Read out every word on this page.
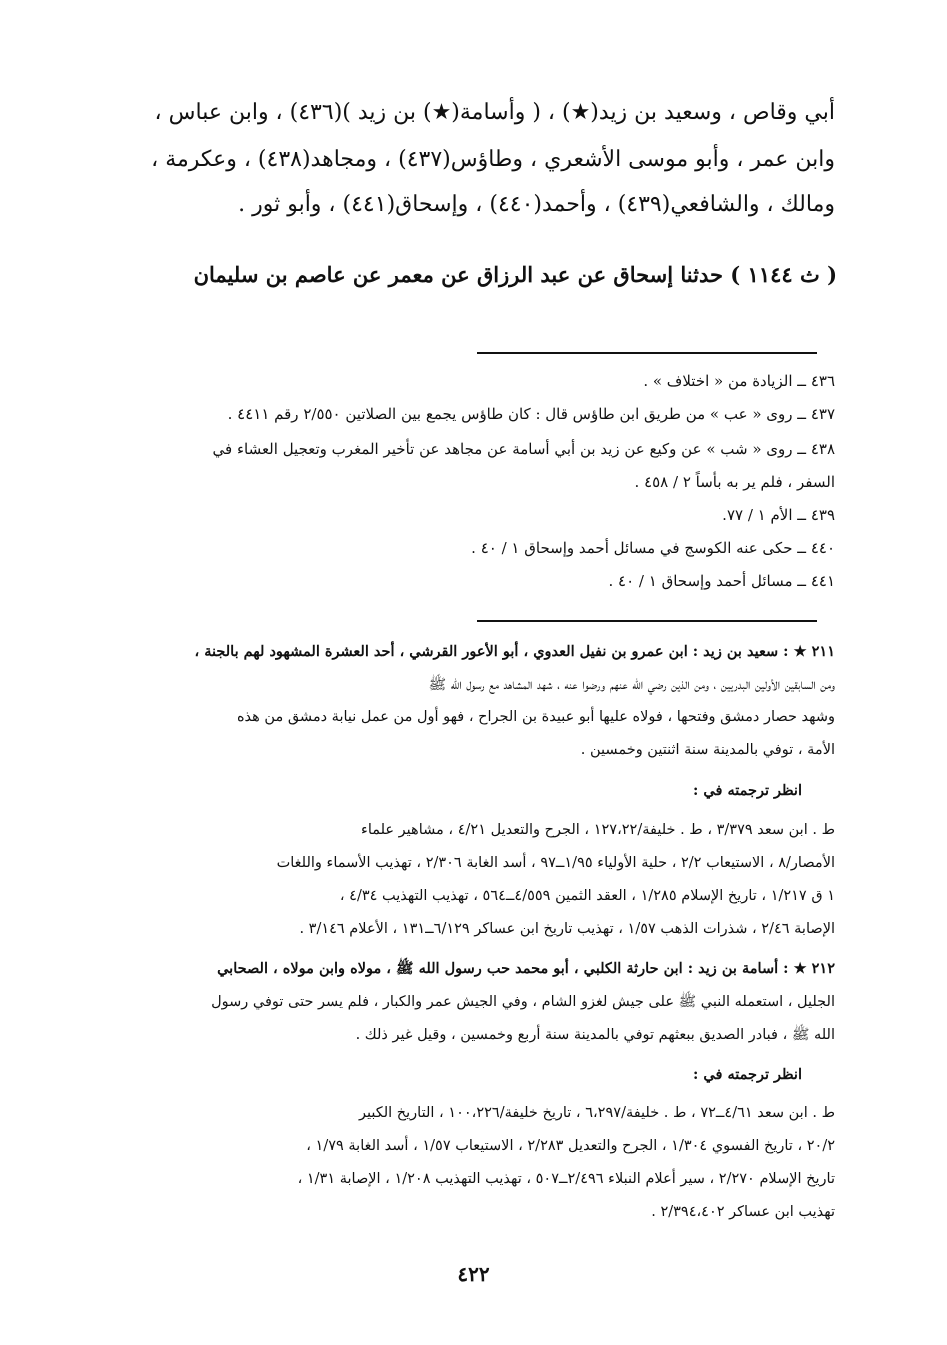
أبي وقاص ، وسعيد بن زيد(★) ، ( وأسامة(★) بن زيد )(٤٣٦) ، وابن عباس ،
وابن عمر ، وأبو موسى الأشعري ، وطاؤس(٤٣٧) ، ومجاهد(٤٣٨) ، وعكرمة ،
ومالك ، والشافعي(٤٣٩) ، وأحمد(٤٤٠) ، وإسحاق(٤٤١) ، وأبو ثور .
( ث ١١٤٤ ) حدثنا إسحاق عن عبد الرزاق عن معمر عن عاصم بن سليمان
٤٣٦ ــ الزيادة من « اختلاف » .
٤٣٧ ــ روى « عب » من طريق ابن طاؤس قال : كان طاؤس يجمع بين الصلاتين ٢/٥٥٠ رقم ٤٤١١ .
٤٣٨ ــ روى « شب » عن وكيع عن زيد بن أبي أسامة عن مجاهد عن تأخير المغرب وتعجيل العشاء في
السفر ، فلم ير به بأساً ٢ / ٤٥٨ .
٤٣٩ ــ الأم ١ / ٧٧.
٤٤٠ ــ حكى عنه الكوسج في مسائل أحمد وإسحاق ١ / ٤٠ .
٤٤١ ــ مسائل أحمد وإسحاق ١ / ٤٠ .
٢١١ ★ : سعيد بن زيد : ابن عمرو بن نفيل العدوي ، أبو الأعور القرشي ، أحد العشرة المشهود لهم بالجنة ،
ومن السابقين الأولين البدريين ، ومن الذين رضي الله عنهم ورضوا عنه ، شهد المشاهد مع رسول الله ﷺ
وشهد حصار دمشق وفتحها ، فولاه عليها أبو عبيدة بن الجراح ، فهو أول من عمل نيابة دمشق من هذه
الأمة ، توفي بالمدينة سنة اثنتين وخمسين .
انظر ترجمته في :
ط . ابن سعد ٣/٣٧٩ ، ط . خليفة/١٢٧،٢٢ ، الجرح والتعديل ٤/٢١ ، مشاهير علماء
الأمصار/٨ ، الاستيعاب ٢/٢ ، حلية الأولياء ١/٩٥ــ٩٧ ، أسد الغابة ٢/٣٠٦ ، تهذيب الأسماء واللغات
١ ق ١/٢١٧ ، تاريخ الإسلام ١/٢٨٥ ، العقد الثمين ٤/٥٥٩ــ٥٦٤ ، تهذيب التهذيب ٤/٣٤ ،
الإصابة ٢/٤٦ ، شذرات الذهب ١/٥٧ ، تهذيب تاريخ ابن عساكر ٦/١٢٩ــ١٣١ ، الأعلام ٣/١٤٦ .
٢١٢ ★ : أسامة بن زيد : ابن حارثة الكلبي ، أبو محمد حب رسول الله ﷺ ، مولاه وابن مولاه ، الصحابي
الجليل ، استعمله النبي ﷺ على جيش لغزو الشام ، وفي الجيش عمر والكبار ، فلم يسر حتى توفي رسول
الله ﷺ ، فبادر الصديق ببعثهم توفي بالمدينة سنة أربع وخمسين ، وقيل غير ذلك .
انظر ترجمته في :
ط . ابن سعد ٤/٦١ــ٧٢ ، ط . خليفة/٦،٢٩٧ ، تاريخ خليفة/١٠٠،٢٢٦ ، التاريخ الكبير
٢٠/٢ ، تاريخ الفسوي ١/٣٠٤ ، الجرح والتعديل ٢/٢٨٣ ، الاستيعاب ١/٥٧ ، أسد الغابة ١/٧٩ ،
تاريخ الإسلام ٢/٢٧٠ ، سير أعلام النبلاء ٢/٤٩٦ــ٥٠٧ ، تهذيب التهذيب ١/٢٠٨ ، الإصابة ١/٣١ ،
تهذيب ابن عساكر ٢/٣٩٤،٤٠٢ .
٤٢٢
